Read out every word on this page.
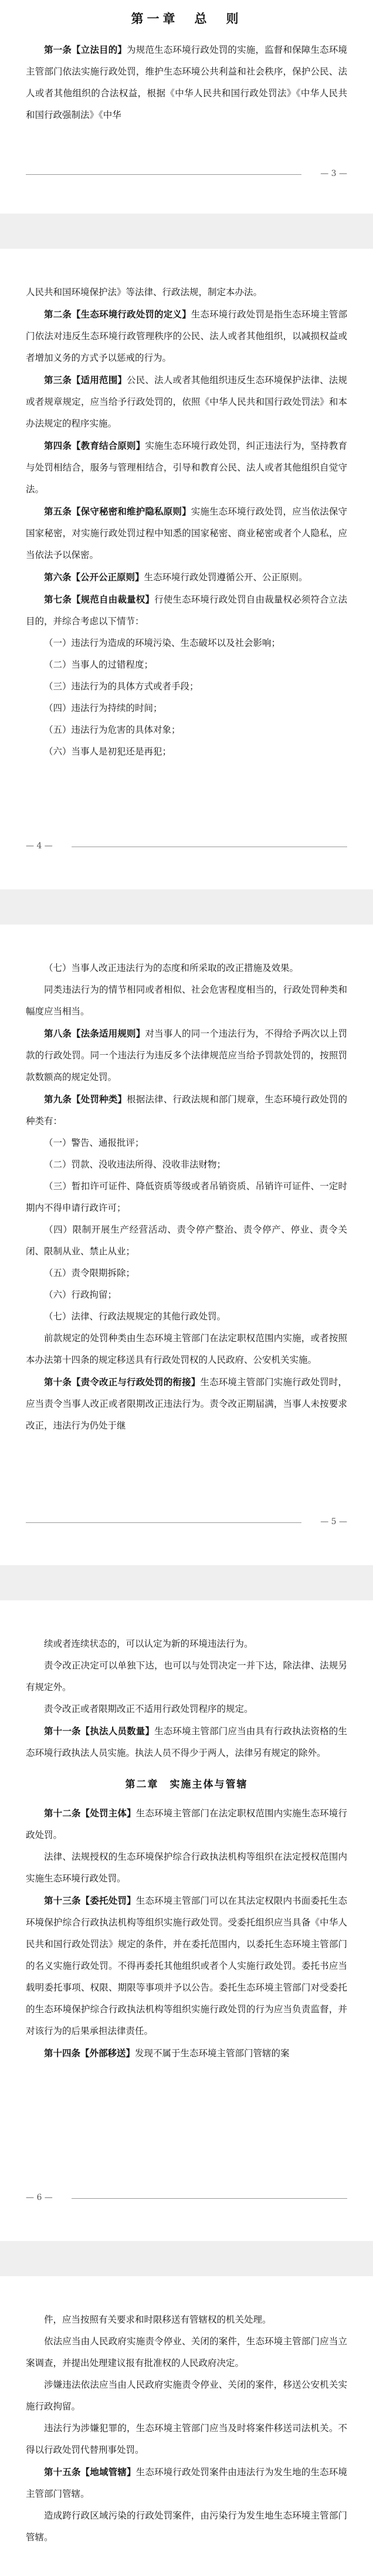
第一章　总　则

第一条【立法目的】为规范生态环境行政处罚的实施，监督和保障生态环境主管部门依法实施行政处罚，维护生态环境公共利益和社会秩序，保护公民、法人或者其他组织的合法权益，根据《中华人民共和国行政处罚法》《中华人民共和国行政强制法》《中华

— 3 —

人民共和国环境保护法》等法律、行政法规，制定本办法。

第二条【生态环境行政处罚的定义】生态环境行政处罚是指生态环境主管部门依法对违反生态环境行政管理秩序的公民、法人或者其他组织，以减损权益或者增加义务的方式予以惩戒的行为。

第三条【适用范围】公民、法人或者其他组织违反生态环境保护法律、法规或者规章规定，应当给予行政处罚的，依照《中华人民共和国行政处罚法》和本办法规定的程序实施。

第四条【教育结合原则】实施生态环境行政处罚，纠正违法行为，坚持教育与处罚相结合，服务与管理相结合，引导和教育公民、法人或者其他组织自觉守法。

第五条【保守秘密和维护隐私原则】实施生态环境行政处罚，应当依法保守国家秘密，对实施行政处罚过程中知悉的国家秘密、商业秘密或者个人隐私，应当依法予以保密。

第六条【公开公正原则】生态环境行政处罚遵循公开、公正原则。

第七条【规范自由裁量权】行使生态环境行政处罚自由裁量权必须符合立法目的，并综合考虑以下情节：

（一）违法行为造成的环境污染、生态破坏以及社会影响；

（二）当事人的过错程度；

（三）违法行为的具体方式或者手段；

（四）违法行为持续的时间；

（五）违法行为危害的具体对象；

（六）当事人是初犯还是再犯；

— 4 —

（七）当事人改正违法行为的态度和所采取的改正措施及效果。

同类违法行为的情节相同或者相似、社会危害程度相当的，行政处罚种类和幅度应当相当。

第八条【法条适用规则】对当事人的同一个违法行为，不得给予两次以上罚款的行政处罚。同一个违法行为违反多个法律规范应当给予罚款处罚的，按照罚款数额高的规定处罚。

第九条【处罚种类】根据法律、行政法规和部门规章，生态环境行政处罚的种类有：

（一）警告、通报批评；

（二）罚款、没收违法所得、没收非法财物；

（三）暂扣许可证件、降低资质等级或者吊销资质、吊销许可证件、一定时期内不得申请行政许可；

（四）限制开展生产经营活动、责令停产整治、责令停产、停业、责令关闭、限制从业、禁止从业；

（五）责令限期拆除；

（六）行政拘留；

（七）法律、行政法规规定的其他行政处罚。

前款规定的处罚种类由生态环境主管部门在法定职权范围内实施，或者按照本办法第十四条的规定移送具有行政处罚权的人民政府、公安机关实施。

第十条【责令改正与行政处罚的衔接】生态环境主管部门实施行政处罚时，应当责令当事人改正或者限期改正违法行为。责令改正期届满，当事人未按要求改正，违法行为仍处于继

— 5 —

续或者连续状态的，可以认定为新的环境违法行为。

责令改正决定可以单独下达，也可以与处罚决定一并下达，除法律、法规另有规定外。

责令改正或者限期改正不适用行政处罚程序的规定。

第十一条【执法人员数量】生态环境主管部门应当由具有行政执法资格的生态环境行政执法人员实施。执法人员不得少于两人，法律另有规定的除外。

第二章　实施主体与管辖

第十二条【处罚主体】生态环境主管部门在法定职权范围内实施生态环境行政处罚。

法律、法规授权的生态环境保护综合行政执法机构等组织在法定授权范围内实施生态环境行政处罚。

第十三条【委托处罚】生态环境主管部门可以在其法定权限内书面委托生态环境保护综合行政执法机构等组织实施行政处罚。受委托组织应当具备《中华人民共和国行政处罚法》规定的条件，并在委托范围内，以委托生态环境主管部门的名义实施行政处罚。不得再委托其他组织或者个人实施行政处罚。委托书应当载明委托事项、权限、期限等事项并予以公告。委托生态环境主管部门对受委托的生态环境保护综合行政执法机构等组织实施行政处罚的行为应当负责监督，并对该行为的后果承担法律责任。

第十四条【外部移送】发现不属于生态环境主管部门管辖的案

— 6 —

件，应当按照有关要求和时限移送有管辖权的机关处理。

依法应当由人民政府实施责令停业、关闭的案件，生态环境主管部门应当立案调查，并提出处理建议报有批准权的人民政府决定。

涉嫌违法依法应当由人民政府实施责令停业、关闭的案件，移送公安机关实施行政拘留。

违法行为涉嫌犯罪的，生态环境主管部门应当及时将案件移送司法机关。不得以行政处罚代替刑事处罚。

第十五条【地域管辖】生态环境行政处罚案件由违法行为发生地的生态环境主管部门管辖。

造成跨行政区域污染的行政处罚案件，由污染行为发生地生态环境主管部门管辖。
